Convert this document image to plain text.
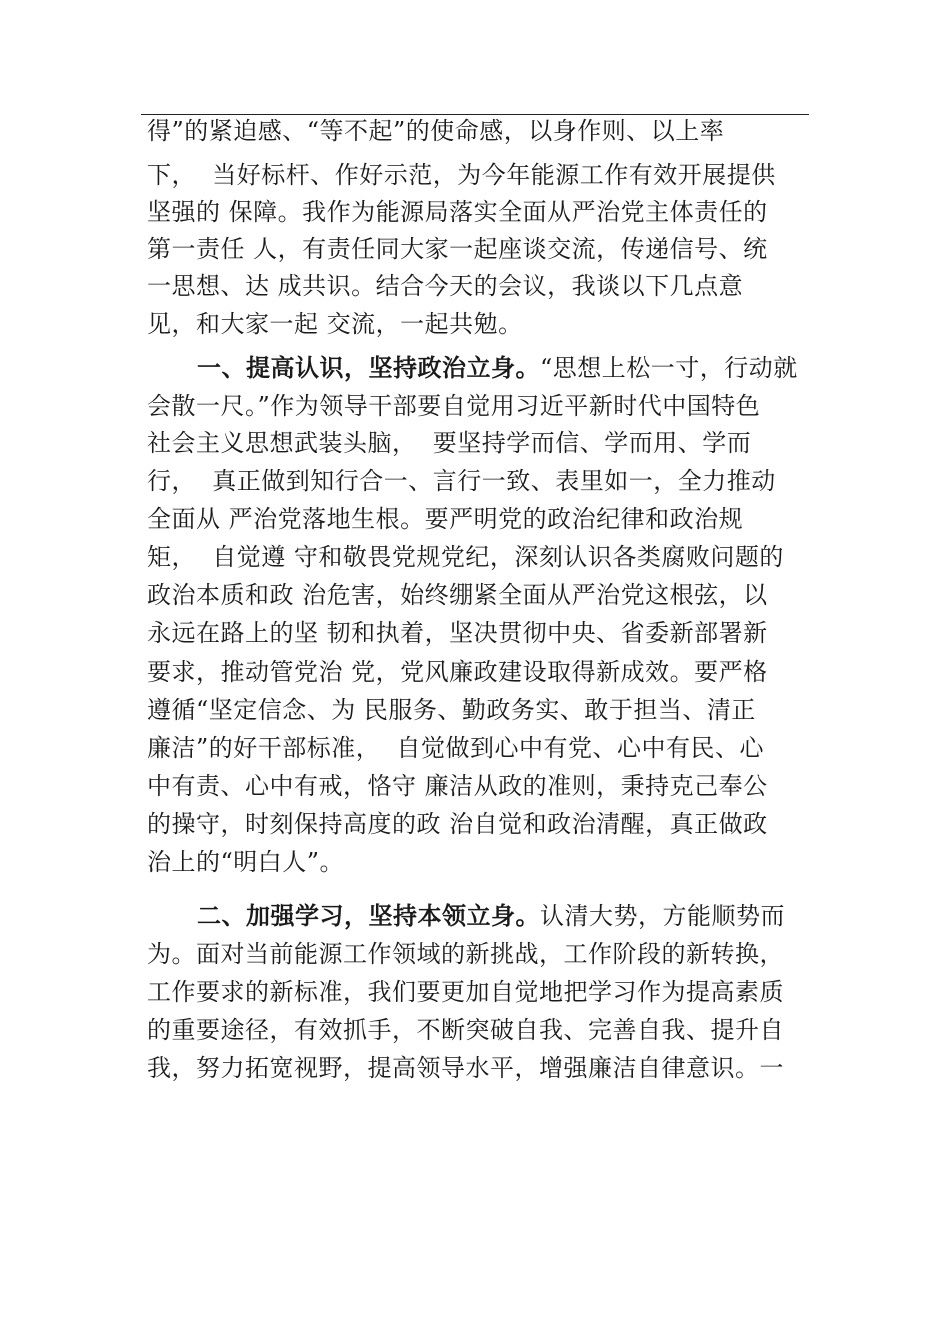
得”的紧迫感、“等不起”的使命感，以身作则、以上率
下，  当好标杆、作好示范，为今年能源工作有效开展提供
坚强的 保障。我作为能源局落实全面从严治党主体责任的
第一责任 人，有责任同大家一起座谈交流，传递信号、统
一思想、达 成共识。结合今天的会议，我谈以下几点意
见，和大家一起 交流，一起共勉。
一、提高认识，坚持政治立身。“思想上松一寸，行动就
会散一尺。”作为领导干部要自觉用习近平新时代中国特色
社会主义思想武装头脑，  要坚持学而信、学而用、学而
行，  真正做到知行合一、言行一致、表里如一，全力推动
全面从 严治党落地生根。要严明党的政治纪律和政治规
矩，  自觉遵 守和敬畏党规党纪，深刻认识各类腐败问题的
政治本质和政 治危害，始终绷紧全面从严治党这根弦，以
永远在路上的坚 韧和执着，坚决贯彻中央、省委新部署新
要求，推动管党治 党，党风廉政建设取得新成效。要严格
遵循“坚定信念、为 民服务、勤政务实、敢于担当、清正
廉洁”的好干部标准，  自觉做到心中有党、心中有民、心
中有责、心中有戒，恪守 廉洁从政的准则，秉持克己奉公
的操守，时刻保持高度的政 治自觉和政治清醒，真正做政
治上的“明白人”。
二、加强学习，坚持本领立身。认清大势，方能顺势而
为。面对当前能源工作领域的新挑战，工作阶段的新转换，
工作要求的新标准，我们要更加自觉地把学习作为提高素质
的重要途径，有效抓手，不断突破自我、完善自我、提升自
我，努力拓宽视野，提高领导水平，增强廉洁自律意识。一
